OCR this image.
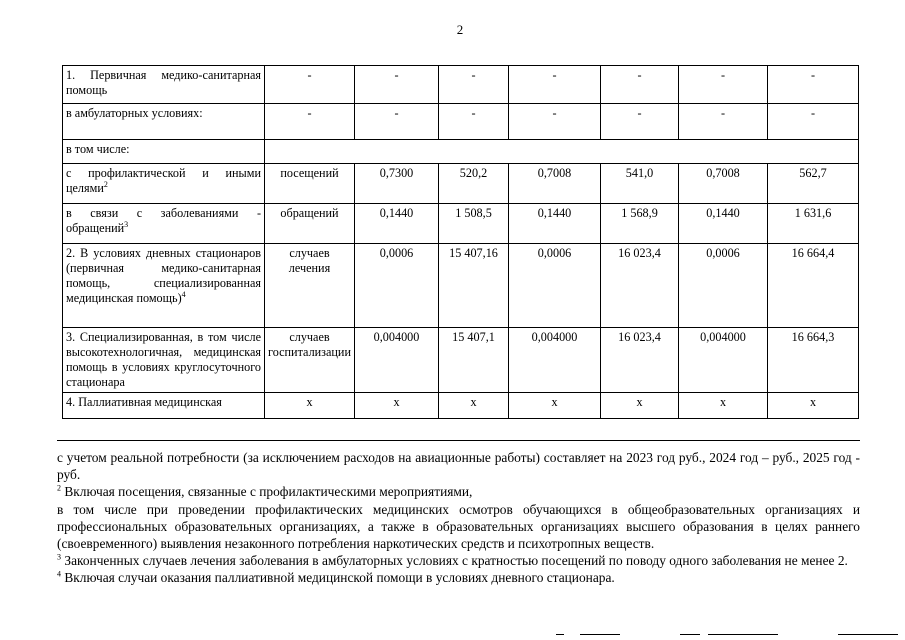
2
1. Первичная медико-санитарная помощь	-	-	-	-	-	-	-
в амбулаторных условиях:	-	-	-	-	-	-	-
в том числе:							
с профилактической и иными целями$^2$	посещений	0,7300	520,2	0,7008	541,0	0,7008	562,7
в связи с заболеваниями - обращений$^3$	обращений	0,1440	1 508,5	0,1440	1 568,9	0,1440	1 631,6
2. В условиях дневных стационаров (первичная медико-санитарная помощь, специализированная медицинская помощь)$^4$	случаев лечения	0,0006	15 407,16	0,0006	16 023,4	0,0006	16 664,4
3. Специализированная, в том числе высокотехнологичная, медицинская помощь в условиях круглосуточного стационара	случаев госпитализации	0,004000	15 407,1	0,004000	16 023,4	0,004000	16 664,3
4. Паллиативная медицинская	x	x	x	x	x	x	x

с учетом реальной потребности (за исключением расходов на авиационные работы) составляет на 2023 год руб., 2024 год – руб., 2025 год - руб.

$^2$ Включая посещения, связанные с профилактическими мероприятиями,

в том числе при проведении профилактических медицинских осмотров обучающихся в общеобразовательных организациях и профессиональных образовательных организациях, а также в образовательных организациях высшего образования в целях раннего (своевременного) выявления незаконного потребления наркотических средств и психотропных веществ.

$^3$ Законченных случаев лечения заболевания в амбулаторных условиях с кратностью посещений по поводу одного заболевания не менее 2.

$^4$ Включая случаи оказания паллиативной медицинской помощи в условиях дневного стационара.
